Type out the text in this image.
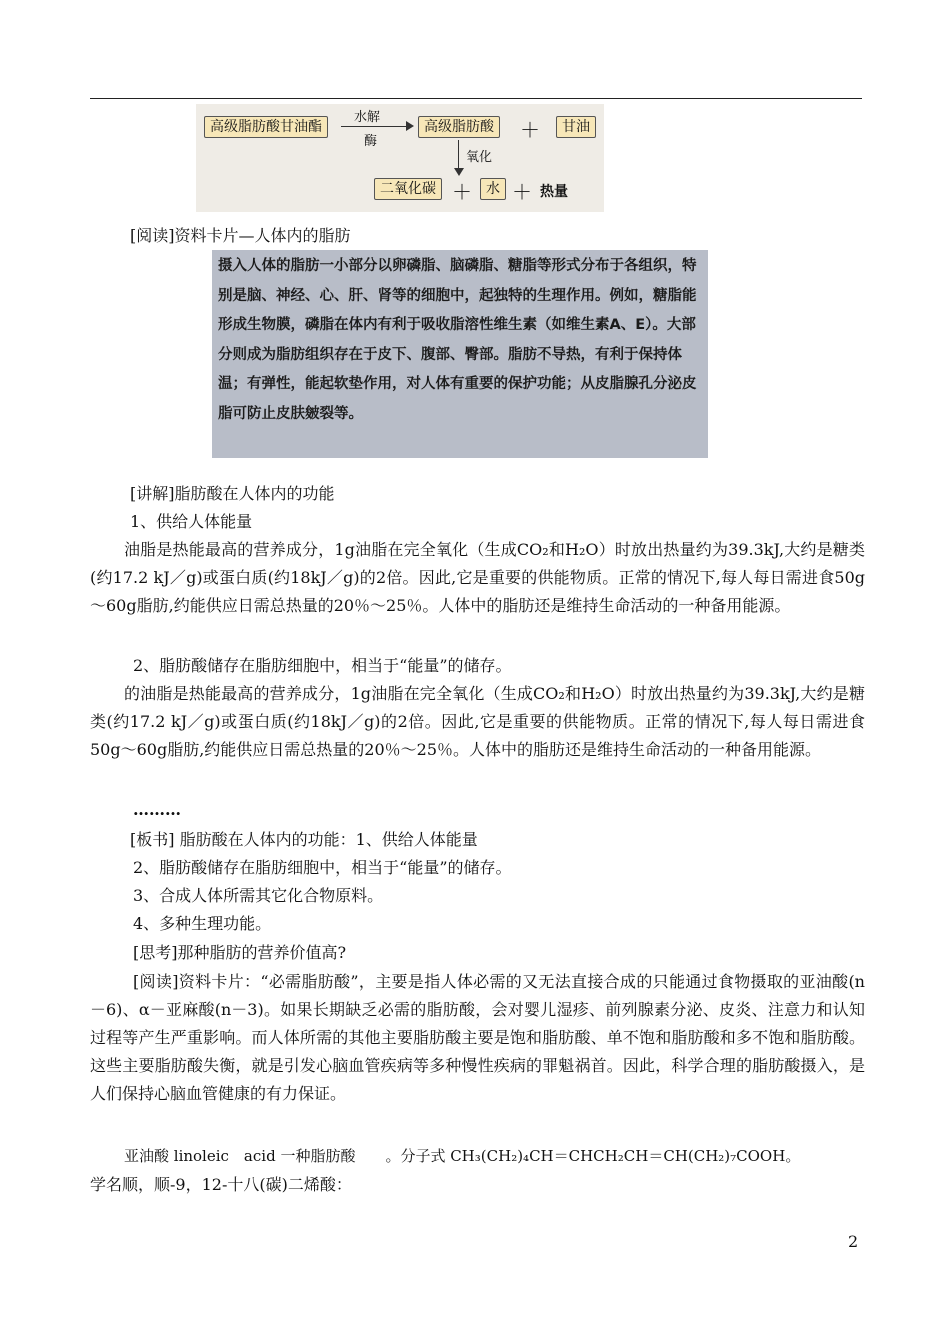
高级脂肪酸甘油酯
水解
酶
高级脂肪酸	＋	甘油
氧化
二氧化碳 ＋	水 ＋ 热量
[阅读]资料卡片—人体内的脂肪
摄入人体的脂肪一小部分以卵磷脂、脑磷脂、糖脂等形式分布于各组织，特别是脑、神经、心、肝、肾等的细胞中，起独特的生理作用。例如，糖脂能形成生物膜，磷脂在体内有利于吸收脂溶性维生素（如维生素A、E）。大部分则成为脂肪组织存在于皮下、腹部、臀部。脂肪不导热，有利于保持体温；有弹性，能起软垫作用，对人体有重要的保护功能；从皮脂腺孔分泌皮脂可防止皮肤皴裂等。
[讲解]脂肪酸在人体内的功能
1、供给人体能量
油脂是热能最高的营养成分，1g油脂在完全氧化（生成CO₂和H₂O）时放出热量约为39.3kJ,大约是糖类(约17.2 kJ／g)或蛋白质(约18kJ／g)的2倍。因此,它是重要的供能物质。正常的情况下,每人每日需进食50g～60g脂肪,约能供应日需总热量的20％～25％。人体中的脂肪还是维持生命活动的一种备用能源。
2、脂肪酸储存在脂肪细胞中，相当于“能量”的储存。
的油脂是热能最高的营养成分，1g油脂在完全氧化（生成CO₂和H₂O）时放出热量约为39.3kJ,大约是糖类(约17.2 kJ／g)或蛋白质(约18kJ／g)的2倍。因此,它是重要的供能物质。正常的情况下,每人每日需进食50g～60g脂肪,约能供应日需总热量的20％～25％。人体中的脂肪还是维持生命活动的一种备用能源。
………
[板书] 脂肪酸在人体内的功能：1、供给人体能量
2、脂肪酸储存在脂肪细胞中，相当于“能量”的储存。
3、合成人体所需其它化合物原料。
4、多种生理功能。
[思考]那种脂肪的营养价值高?
[阅读]资料卡片：“必需脂肪酸”，主要是指人体必需的又无法直接合成的只能通过食物摄取的亚油酸(n－6)、α－亚麻酸(n－3)。如果长期缺乏必需的脂肪酸，会对婴儿湿疹、前列腺素分泌、皮炎、注意力和认知过程等产生严重影响。而人体所需的其他主要脂肪酸主要是饱和脂肪酸、单不饱和脂肪酸和多不饱和脂肪酸。这些主要脂肪酸失衡，就是引发心脑血管疾病等多种慢性疾病的罪魁祸首。因此，科学合理的脂肪酸摄入，是人们保持心脑血管健康的有力保证。
亚油酸 linoleic　acid 一种脂肪酸　　。分子式 CH₃(CH₂)₄CH＝CHCH₂CH＝CH(CH₂)₇COOH。
学名顺，顺-9，12-十八(碳)二烯酸：
2
